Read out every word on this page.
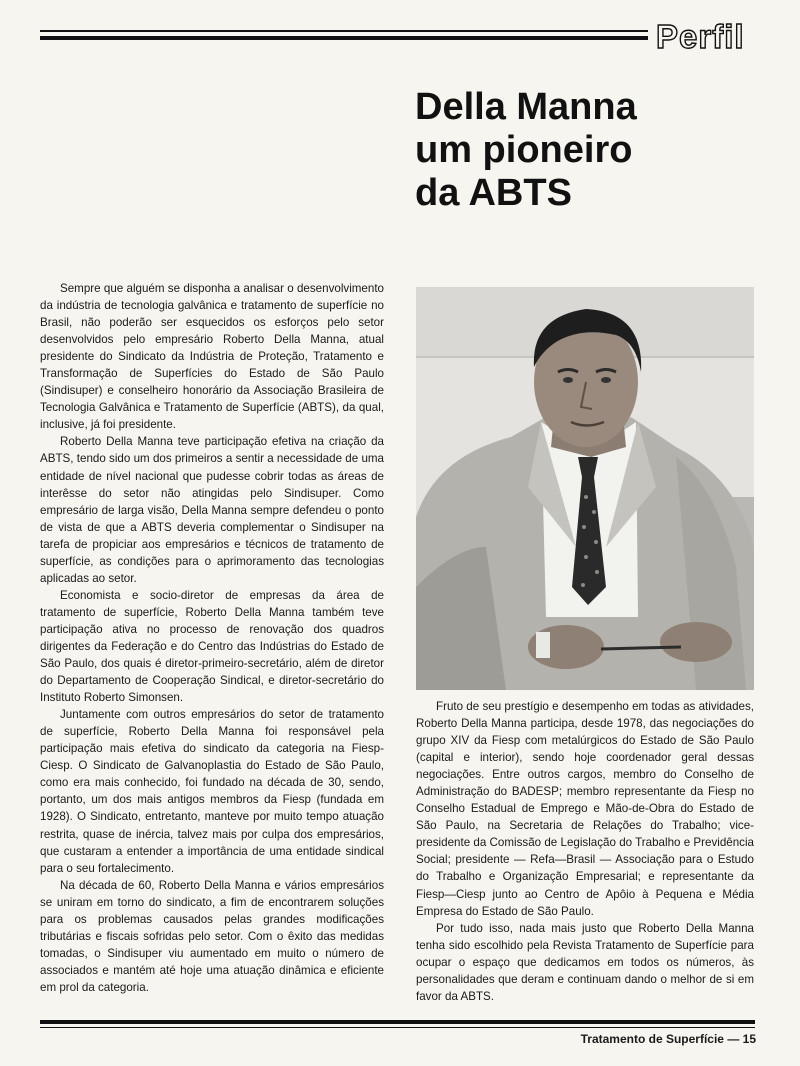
Perfil
Della Manna
um pioneiro
da ABTS

Sempre que alguém se disponha a analisar o desenvolvimento da indústria de tecnologia galvânica e tratamento de superfície no Brasil, não poderão ser esquecidos os esforços pelo setor desenvolvidos pelo empresário Roberto Della Manna, atual presidente do Sindicato da Indústria de Proteção, Tratamento e Transformação de Superfícies do Estado de São Paulo (Sindisuper) e conselheiro honorário da Associação Brasileira de Tecnologia Galvânica e Tratamento de Superfície (ABTS), da qual, inclusive, já foi presidente.

Roberto Della Manna teve participação efetiva na criação da ABTS, tendo sido um dos primeiros a sentir a necessidade de uma entidade de nível nacional que pudesse cobrir todas as áreas de interêsse do setor não atingidas pelo Sindisuper. Como empresário de larga visão, Della Manna sempre defendeu o ponto de vista de que a ABTS deveria complementar o Sindisuper na tarefa de propiciar aos empresários e técnicos de tratamento de superfície, as condições para o aprimoramento das tecnologias aplicadas ao setor.

Economista e socio-diretor de empresas da área de tratamento de superfície, Roberto Della Manna também teve participação ativa no processo de renovação dos quadros dirigentes da Federação e do Centro das Indústrias do Estado de São Paulo, dos quais é diretor-primeiro-secretário, além de diretor do Departamento de Cooperação Sindical, e diretor-secretário do Instituto Roberto Simonsen.

Juntamente com outros empresários do setor de tratamento de superfície, Roberto Della Manna foi responsável pela participação mais efetiva do sindicato da categoria na Fiesp-Ciesp. O Sindicato de Galvanoplastia do Estado de São Paulo, como era mais conhecido, foi fundado na década de 30, sendo, portanto, um dos mais antigos membros da Fiesp (fundada em 1928). O Sindicato, entretanto, manteve por muito tempo atuação restrita, quase de inércia, talvez mais por culpa dos empresários, que custaram a entender a importância de uma entidade sindical para o seu fortalecimento.

Na década de 60, Roberto Della Manna e vários empresários se uniram em torno do sindicato, a fim de encontrarem soluções para os problemas causados pelas grandes modificações tributárias e fiscais sofridas pelo setor. Com o êxito das medidas tomadas, o Sindisuper viu aumentado em muito o número de associados e mantém até hoje uma atuação dinâmica e eficiente em prol da categoria.

Fruto de seu prestígio e desempenho em todas as atividades, Roberto Della Manna participa, desde 1978, das negociações do grupo XIV da Fiesp com metalúrgicos do Estado de São Paulo (capital e interior), sendo hoje coordenador geral dessas negociações. Entre outros cargos, membro do Conselho de Administração do BADESP; membro representante da Fiesp no Conselho Estadual de Emprego e Mão-de-Obra do Estado de São Paulo, na Secretaria de Relações do Trabalho; vice-presidente da Comissão de Legislação do Trabalho e Previdência Social; presidente — Refa—Brasil — Associação para o Estudo do Trabalho e Organização Empresarial; e representante da Fiesp—Ciesp junto ao Centro de Apôio à Pequena e Média Empresa do Estado de São Paulo.

Por tudo isso, nada mais justo que Roberto Della Manna tenha sido escolhido pela Revista Tratamento de Superfície para ocupar o espaço que dedicamos em todos os números, às personalidades que deram e continuam dando o melhor de si em favor da ABTS.

Tratamento de Superfície — 15
